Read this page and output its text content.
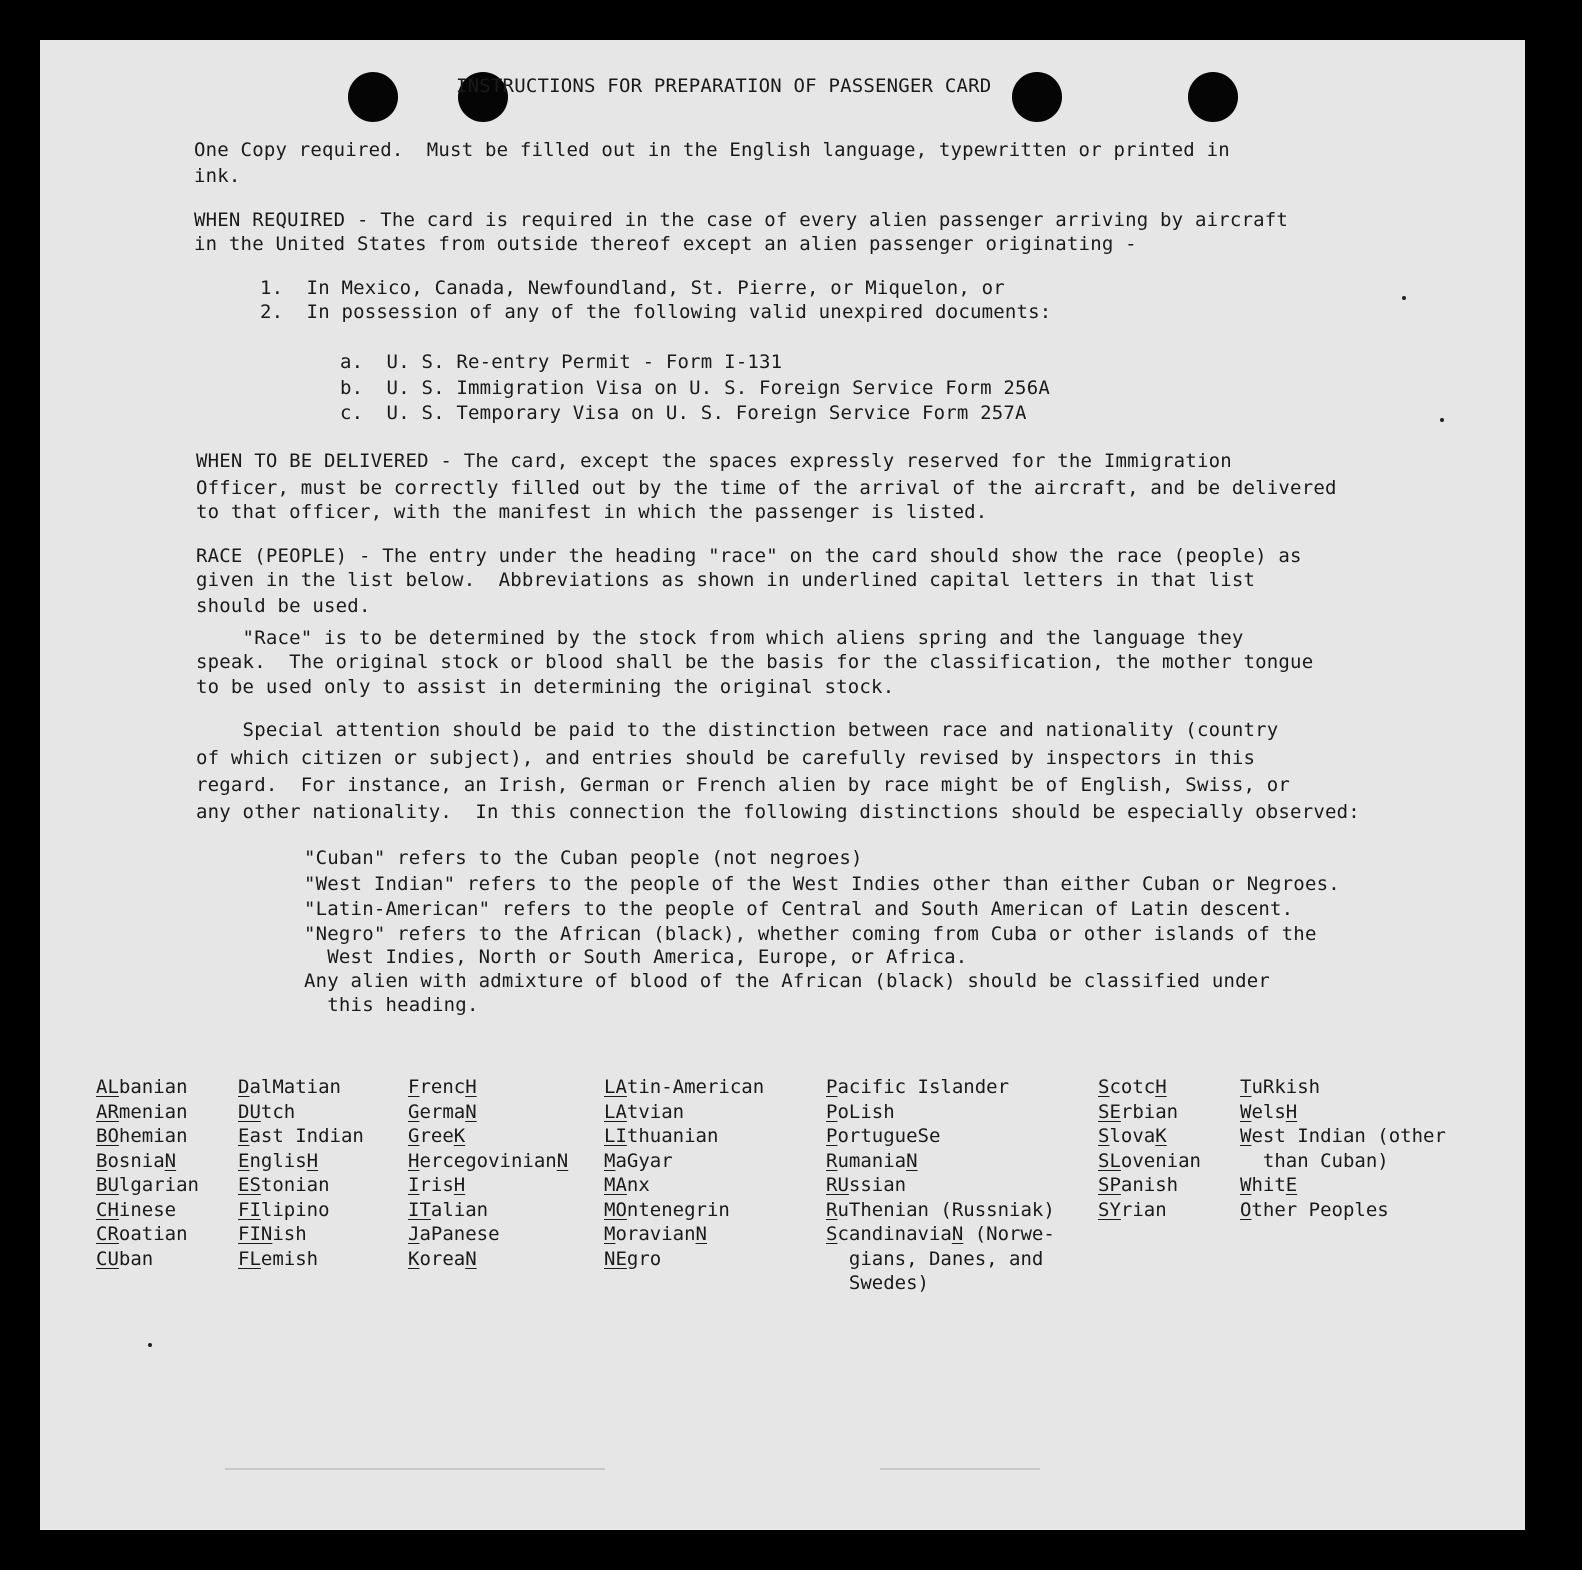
INSTRUCTIONS FOR PREPARATION OF PASSENGER CARD
One Copy required.  Must be filled out in the English language, typewritten or printed in
ink.
WHEN REQUIRED - The card is required in the case of every alien passenger arriving by aircraft
in the United States from outside thereof except an alien passenger originating -
1.  In Mexico, Canada, Newfoundland, St. Pierre, or Miquelon, or
2.  In possession of any of the following valid unexpired documents:
a.  U. S. Re-entry Permit - Form I-131
b.  U. S. Immigration Visa on U. S. Foreign Service Form 256A
c.  U. S. Temporary Visa on U. S. Foreign Service Form 257A
WHEN TO BE DELIVERED - The card, except the spaces expressly reserved for the Immigration
Officer, must be correctly filled out by the time of the arrival of the aircraft, and be delivered
to that officer, with the manifest in which the passenger is listed.
RACE (PEOPLE) - The entry under the heading "race" on the card should show the race (people) as
given in the list below.  Abbreviations as shown in underlined capital letters in that list
should be used.
"Race" is to be determined by the stock from which aliens spring and the language they
speak.  The original stock or blood shall be the basis for the classification, the mother tongue
to be used only to assist in determining the original stock.
Special attention should be paid to the distinction between race and nationality (country
of which citizen or subject), and entries should be carefully revised by inspectors in this
regard.  For instance, an Irish, German or French alien by race might be of English, Swiss, or
any other nationality.  In this connection the following distinctions should be especially observed:
"Cuban" refers to the Cuban people (not negroes)
"West Indian" refers to the people of the West Indies other than either Cuban or Negroes.
"Latin-American" refers to the people of Central and South American of Latin descent.
"Negro" refers to the African (black), whether coming from Cuba or other islands of the
West Indies, North or South America, Europe, or Africa.
Any alien with admixture of blood of the African (black) should be classified under
this heading.
ALbanian
ARmenian
BOhemian
BosniaN
BUlgarian
CHinese
CRoatian
CUban
DalMatian
DUtch
East Indian
EnglisH
EStonian
FIlipino
FINish
FLemish
FrencH
GermaN
GreeK
HercegovinianN
IrisH
ITalian
JaPanese
KoreaN
LAtin-American
LAtvian
LIthuanian
MaGyar
MAnx
MOntenegrin
MoravianN
NEgro
Pacific Islander
PoLish
PortugueSe
RumaniaN
RUssian
RuThenian (Russniak)
ScandinaviaN (Norwe-
gians, Danes, and
Swedes)
ScotcH
SErbian
SlovaK
SLovenian
SPanish
SYrian
TuRkish
WelsH
West Indian (other
than Cuban)
WhitE
Other Peoples
